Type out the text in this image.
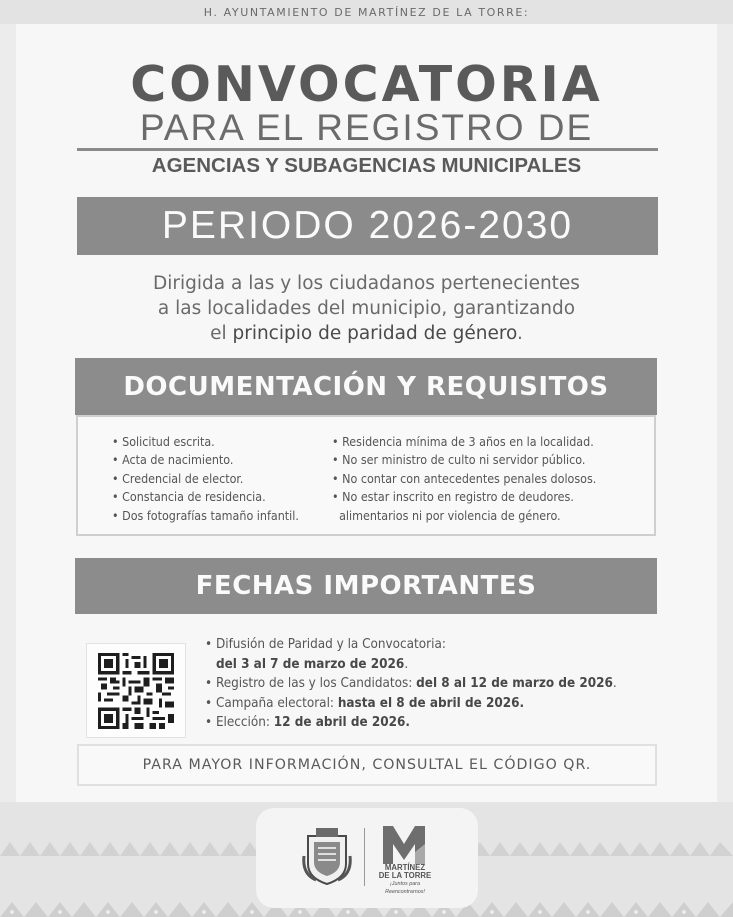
H. AYUNTAMIENTO DE MARTÍNEZ DE LA TORRE:
CONVOCATORIA
PARA EL REGISTRO DE
AGENCIAS Y SUBAGENCIAS MUNICIPALES
PERIODO 2026-2030
Dirigida a las y los ciudadanos pertenecientes
a las localidades del municipio, garantizando
el principio de paridad de género.
DOCUMENTACIÓN Y REQUISITOS
• Solicitud escrita.
• Acta de nacimiento.
• Credencial de elector.
• Constancia de residencia.
• Dos fotografías tamaño infantil.
• Residencia mínima de 3 años en la localidad.
• No ser ministro de culto ni servidor público.
• No contar con antecedentes penales dolosos.
• No estar inscrito en registro de deudores.
alimentarios ni por violencia de género.
FECHAS IMPORTANTES
• Difusión de Paridad y la Convocatoria:
del 3 al 7 de marzo de 2026.
• Registro de las y los Candidatos: del 8 al 12 de marzo de 2026.
• Campaña electoral: hasta el 8 de abril de 2026.
• Elección: 12 de abril de 2026.
PARA MAYOR INFORMACIÓN, CONSULTAL EL CÓDIGO QR.
MARTÍNEZ
DE LA TORRE
¡Juntos para Reencontrarnos!
